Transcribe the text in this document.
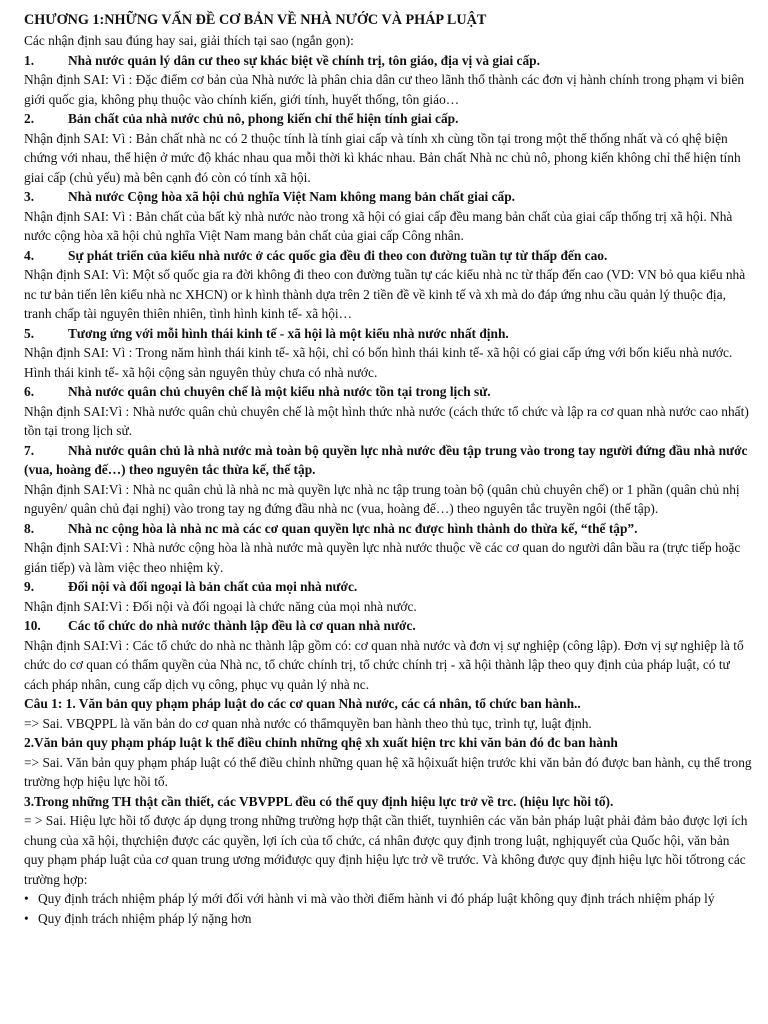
CHƯƠNG 1:NHỮNG VẤN ĐỀ CƠ BẢN VỀ NHÀ NƯỚC VÀ PHÁP LUẬT

Các nhận định sau đúng hay sai, giải thích tại sao (ngắn gọn):

1.	Nhà nước quản lý dân cư theo sự khác biệt về chính trị, tôn giáo, địa vị và giai cấp.

Nhận định SAI: Vì : Đặc điểm cơ bản của Nhà nước là phân chia dân cư theo lãnh thổ thành các đơn vị hành chính trong phạm vi biên giới quốc gia, không phụ thuộc vào chính kiến, giới tính, huyết thống, tôn giáo…

2.	Bản chất của nhà nước chủ nô, phong kiến chỉ thể hiện tính giai cấp.

Nhận định SAI: Vì : Bản chất nhà nc có 2 thuộc tính là tính giai cấp và tính xh cùng tồn tại trong một thể thống nhất và có qhệ biện chứng với nhau, thể hiện ở mức độ khác nhau qua mỗi thời kì khác nhau. Bản chất Nhà nc chủ nô, phong kiến không chỉ thể hiện tính giai cấp (chủ yếu) mà bên cạnh đó còn có tính xã hội.

3.	Nhà nước Cộng hòa xã hội chủ nghĩa Việt Nam không mang bản chất giai cấp.

Nhận định SAI: Vì : Bản chất của bất kỳ nhà nước nào trong xã hội có giai cấp đều mang bản chất của giai cấp thống trị xã hội. Nhà nước cộng hòa xã hội chủ nghĩa Việt Nam mang bản chất của giai cấp Công nhân.

4.	Sự phát triển của kiểu nhà nước ở các quốc gia đều đi theo con đường tuần tự từ thấp đến cao.

Nhận định SAI: Vì: Một số quốc gia ra đời không đi theo con đường tuần tự các kiểu nhà nc từ thấp đến cao (VD: VN bỏ qua kiểu nhà nc tư bản tiến lên kiểu nhà nc XHCN) or k hình thành dựa trên 2 tiền đề về kinh tế và xh mà do đáp ứng nhu cầu quản lý thuộc địa, tranh chấp tài nguyên thiên nhiên, tình hình kinh tế- xã hội…

5.	Tương ứng với mỗi hình thái kinh tế - xã hội là một kiểu nhà nước nhất định.

Nhận định SAI: Vì : Trong năm hình thái kinh tế- xã hội, chỉ có bốn hình thái kinh tế- xã hội có giai cấp ứng với bốn kiểu nhà nước. Hình thái kinh tế- xã hội cộng sản nguyên thủy chưa có nhà nước.

6.	Nhà nước quân chủ chuyên chế là một kiểu nhà nước tồn tại trong lịch sử.

Nhận định SAI:Vì : Nhà nước quân chủ chuyên chế là một hình thức nhà nước (cách thức tổ chức và lập ra cơ quan nhà nước cao nhất) tồn tại trong lịch sử.

7.	Nhà nước quân chủ là nhà nước mà toàn bộ quyền lực nhà nước đều tập trung vào trong tay người đứng đầu nhà nước (vua, hoàng đế…) theo nguyên tắc thừa kế, thế tập.

Nhận định SAI:Vì : Nhà nc quân chủ là nhà nc mà quyền lực nhà nc tập trung toàn bộ (quân chủ chuyên chế) or 1 phần (quân chủ nhị nguyên/ quân chủ đại nghị) vào trong tay ng đứng đầu nhà nc (vua, hoàng đế…) theo nguyên tắc truyền ngôi (thế tập).

8.	Nhà nc cộng hòa là nhà nc mà các cơ quan quyền lực nhà nc được hình thành do thừa kế, “thế tập”.

Nhận định SAI:Vì : Nhà nước cộng hòa là nhà nước mà quyền lực nhà nước thuộc về các cơ quan do người dân bầu ra (trực tiếp hoặc gián tiếp) và làm việc theo nhiệm kỳ.

9.	Đối nội và đối ngoại là bản chất của mọi nhà nước.

Nhận định SAI:Vì : Đối nội và đối ngoại là chức năng của mọi nhà nước.

10. Các tổ chức do nhà nước thành lập đều là cơ quan nhà nước.

Nhận định SAI:Vì : Các tổ chức do nhà nc thành lập gồm có: cơ quan nhà nước và đơn vị sự nghiệp (công lập). Đơn vị sự nghiệp là tổ chức do cơ quan có thẩm quyền của Nhà nc, tổ chức chính trị, tổ chức chính trị - xã hội thành lập theo quy định của pháp luật, có tư cách pháp nhân, cung cấp dịch vụ công, phục vụ quản lý nhà nc.

Câu 1: 1. Văn bản quy phạm pháp luật do các cơ quan Nhà nước, các cá nhân, tổ chức ban hành..

=> Sai. VBQPPL là văn bản do cơ quan nhà nước có thẩmquyền ban hành theo thủ tục, trình tự, luật định.

2.Văn bản quy phạm pháp luật k thể điều chỉnh những qhệ xh xuất hiện trc khi văn bản đó đc ban hành

=> Sai. Văn bản quy phạm pháp luật có thể điều chỉnh những quan hệ xã hộixuất hiện trước khi văn bản đó được ban hành, cụ thể trong trường hợp hiệu lực hồi tố.

3.Trong những TH thật cần thiết, các VBVPPL đều có thể quy định hiệu lực trở về trc. (hiệu lực hồi tố).

= > Sai. Hiệu lực hồi tố được áp dụng trong những trường hợp thật cần thiết, tuynhiên các văn bản pháp luật phải đảm bảo được lợi ích chung của xã hội, thựchiện được các quyền, lợi ích của tổ chức, cá nhân được quy định trong luật, nghịquyết của Quốc hội, văn bản quy phạm pháp luật của cơ quan trung ương mớiđược quy định hiệu lực trở về trước. Và không được quy định hiệu lực hồi tốtrong các trường hợp:

• Quy định trách nhiệm pháp lý mới đối với hành vi mà vào thời điểm hành vi đó pháp luật không quy định trách nhiệm pháp lý

• Quy định trách nhiệm pháp lý nặng hơn
